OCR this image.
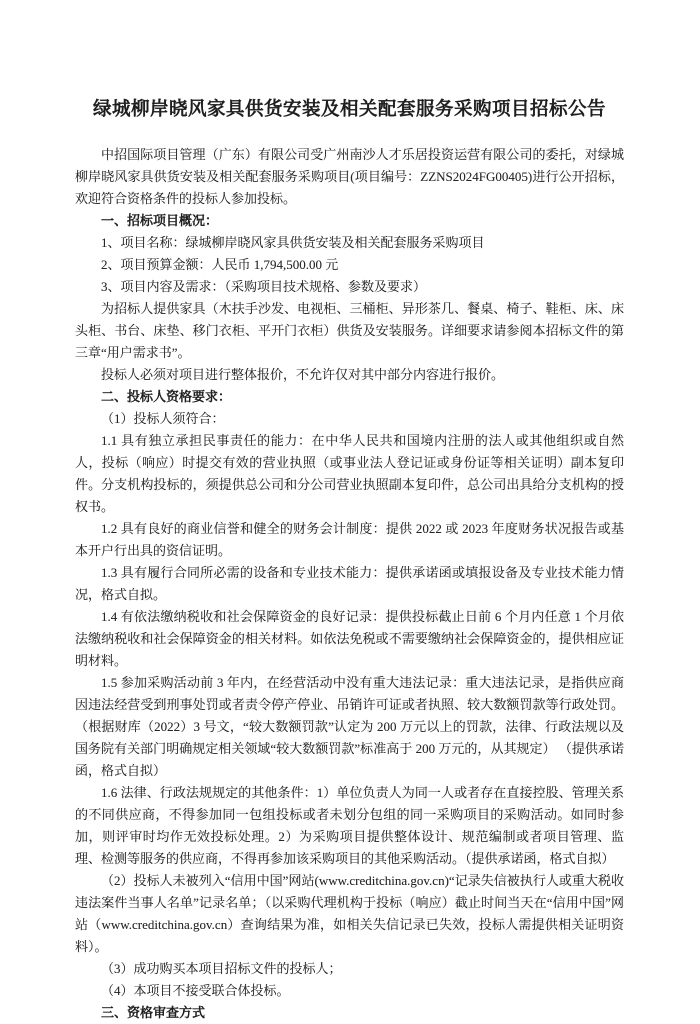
绿城柳岸晓风家具供货安装及相关配套服务采购项目招标公告

中招国际项目管理（广东）有限公司受广州南沙人才乐居投资运营有限公司的委托，对绿城柳岸晓风家具供货安装及相关配套服务采购项目(项目编号：ZZNS2024FG00405)进行公开招标，欢迎符合资格条件的投标人参加投标。

一、招标项目概况：

1、项目名称：绿城柳岸晓风家具供货安装及相关配套服务采购项目

2、项目预算金额：人民币 1,794,500.00 元

3、项目内容及需求：（采购项目技术规格、参数及要求）

为招标人提供家具（木扶手沙发、电视柜、三桶柜、异形茶几、餐桌、椅子、鞋柜、床、床头柜、书台、床垫、移门衣柜、平开门衣柜）供货及安装服务。详细要求请参阅本招标文件的第三章“用户需求书”。

投标人必须对项目进行整体报价，不允许仅对其中部分内容进行报价。

二、投标人资格要求：

（1）投标人须符合：

1.1 具有独立承担民事责任的能力：在中华人民共和国境内注册的法人或其他组织或自然人，投标（响应）时提交有效的营业执照（或事业法人登记证或身份证等相关证明）副本复印件。分支机构投标的，须提供总公司和分公司营业执照副本复印件，总公司出具给分支机构的授权书。

1.2 具有良好的商业信誉和健全的财务会计制度：提供 2022 或 2023 年度财务状况报告或基本开户行出具的资信证明。

1.3 具有履行合同所必需的设备和专业技术能力：提供承诺函或填报设备及专业技术能力情况，格式自拟。

1.4 有依法缴纳税收和社会保障资金的良好记录：提供投标截止日前 6 个月内任意 1 个月依法缴纳税收和社会保障资金的相关材料。如依法免税或不需要缴纳社会保障资金的，提供相应证明材料。

1.5 参加采购活动前 3 年内，在经营活动中没有重大违法记录：重大违法记录，是指供应商因违法经营受到刑事处罚或者责令停产停业、吊销许可证或者执照、较大数额罚款等行政处罚。（根据财库（2022）3 号文，“较大数额罚款”认定为 200 万元以上的罚款，法律、行政法规以及国务院有关部门明确规定相关领域“较大数额罚款”标准高于 200 万元的，从其规定） （提供承诺函，格式自拟）

1.6 法律、行政法规规定的其他条件：1）单位负责人为同一人或者存在直接控股、管理关系的不同供应商，不得参加同一包组投标或者未划分包组的同一采购项目的采购活动。如同时参加，则评审时均作无效投标处理。2）为采购项目提供整体设计、规范编制或者项目管理、监理、检测等服务的供应商，不得再参加该采购项目的其他采购活动。（提供承诺函，格式自拟）

（2）投标人未被列入“信用中国”网站(www.creditchina.gov.cn)“记录失信被执行人或重大税收违法案件当事人名单”记录名单；（以采购代理机构于投标（响应）截止时间当天在“信用中国”网站（www.creditchina.gov.cn）查询结果为准，如相关失信记录已失效，投标人需提供相关证明资料）。

（3）成功购买本项目招标文件的投标人；

（4）本项目不接受联合体投标。

三、资格审查方式
